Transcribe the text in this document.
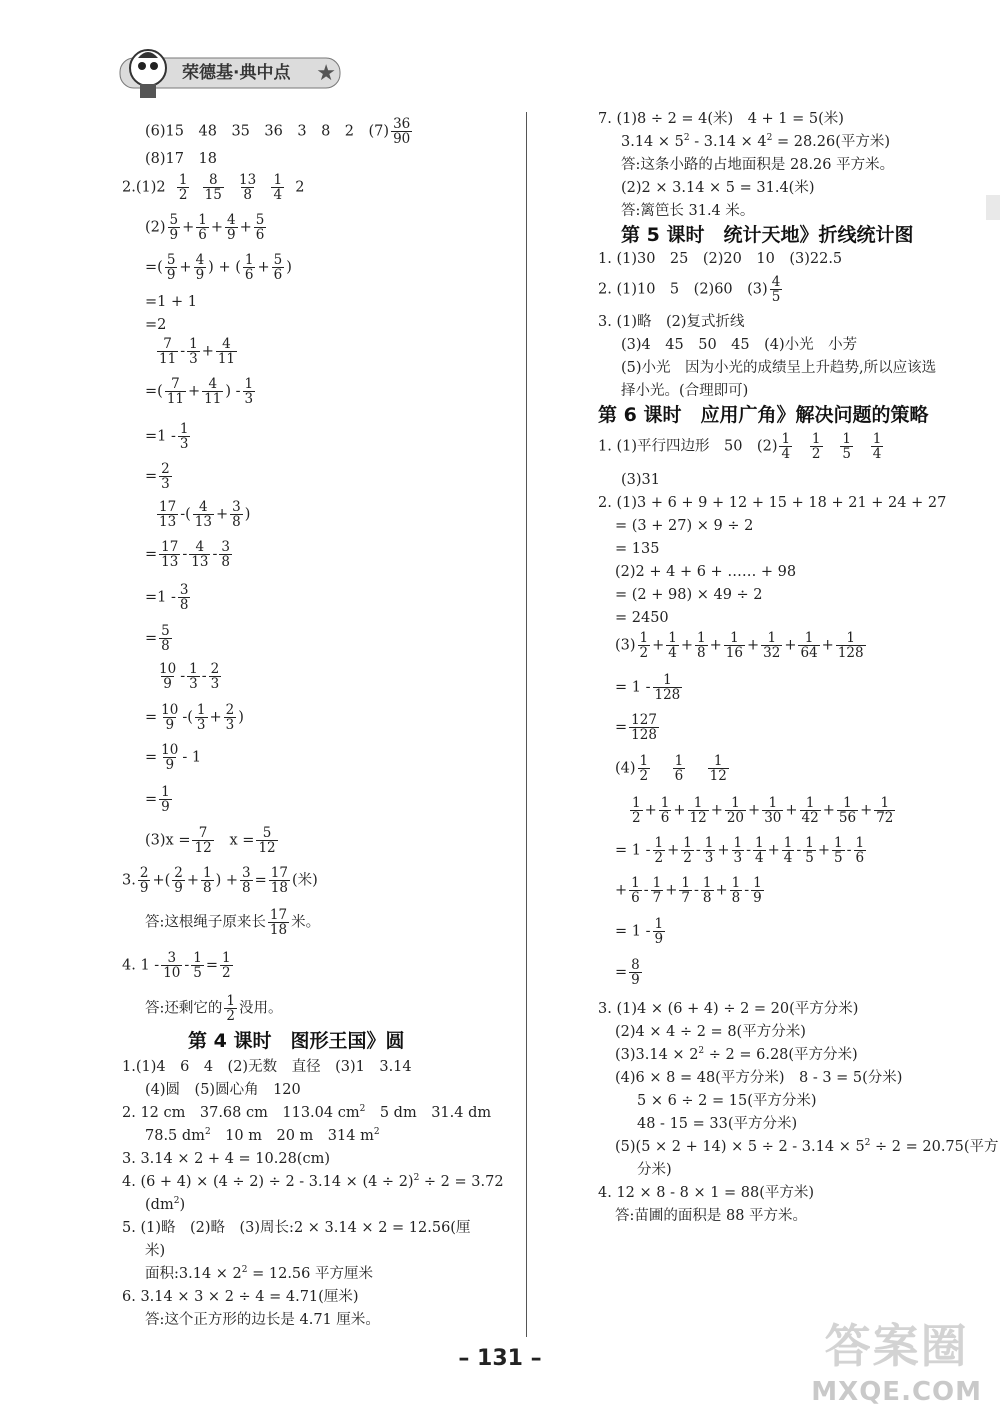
★
荣德基·典中点
(6)15　48　35　36　3　8　2　$(7) \frac{36}{90}$
(8)17　18
$2.(1)2 \frac{1}{2}$
$\frac{8}{15}$
$\frac{13}{8}$
$\frac{1}{4} 2$
$(2) \frac{5}{9} + \frac{1}{6} + \frac{4}{9} + \frac{5}{6}$
=( $\frac{5}{9} + \frac{4}{9}$ ) + ( $\frac{1}{6} + \frac{5}{6}$ )
=1 + 1
=2
$\frac{7}{11} - \frac{1}{3} + \frac{4}{11}$
=( $\frac{7}{11} + \frac{4}{11}$ ) - $\frac{1}{3}$
$=1 - \frac{1}{3}$
= $\frac{2}{3}$
$\frac{17}{13}$ -( $\frac{4}{13} + \frac{3}{8}$ )
= $\frac{17}{13} - \frac{4}{13} - \frac{3}{8}$
$=1 - \frac{3}{8}$
= $\frac{5}{8}$
$\frac{10}{9} - \frac{1}{3} - \frac{2}{3}$
= $\frac{10}{9}$ -( $\frac{1}{3} + \frac{2}{3}$ )
= $\frac{10}{9} - 1$
= $\frac{1}{9}$
$(3)x = \frac{7}{12}$ $x = \frac{5}{12}$
3. $\frac{2}{9}$ +( $\frac{2}{9} + \frac{1}{8}$ ) + $\frac{3}{8} = \frac{17}{18}$ (米)
答:这根绳子原来长 $\frac{17}{18}$ 米。
4. $1 - \frac{3}{10} - \frac{1}{5} = \frac{1}{2}$
答:还剩它的 $\frac{1}{2}$ 没用。
第 4 课时　图形王国》圆
1.(1)4　6　4　(2)无数　直径　(3)1　3.14
(4)圆　(5)圆心角　120
2. 12 cm　37.68 cm　113.04 $cm^2$　5 dm　31.4 dm
78.5 $dm^2$　10 m　20 m　314 $m^2$
3. 3.14 × 2 + 4 = 10.28(cm)
4. $(6 + 4) \times (4 \div 2) \div 2 - 3.14 \times (4 \div 2)^2 \div 2 = 3.72$
$(dm^2)$
5. (1)略　(2)略　(3)周长:2 × 3.14 × 2 = 12.56(厘
米)
面积:3.14 × $2^2 = 12.56$ 平方厘米
6. 3.14 × 3 × 2 ÷ 4 = 4.71(厘米)
答:这个正方形的边长是 4.71 厘米。
7. (1)8 ÷ 2 = 4(米)　4 + 1 = 5(米)
$3.14 \times 5^2 - 3.14 \times 4^2 = 28.26$(平方米)
答:这条小路的占地面积是 28.26 平方米。
(2)2 × 3.14 × 5 = 31.4(米)
答:篱笆长 31.4 米。
第 5 课时　统计天地》折线统计图
1. (1)30　25　(2)20　10　(3)22.5
2. (1)10　5　(2)60　$(3) \frac{4}{5}$
3. (1)略　(2)复式折线
(3)4　45　50　45　(4)小光　小芳
(5)小光　因为小光的成绩呈上升趋势,所以应该选
择小光。(合理即可)
第 6 课时　应用广角》解决问题的策略
1. (1)平行四边形　50　$(2) \frac{1}{4}$
$\frac{1}{2}$
$\frac{1}{5}$
$\frac{1}{4}$
(3)31
2. (1)3 + 6 + 9 + 12 + 15 + 18 + 21 + 24 + 27
= (3 + 27) × 9 ÷ 2
= 135
(2)2 + 4 + 6 + …… + 98
= (2 + 98) × 49 ÷ 2
= 2450
$(3) \frac{1}{2} + \frac{1}{4} + \frac{1}{8} + \frac{1}{16} + \frac{1}{32} + \frac{1}{64} + \frac{1}{128}$
= $1 - \frac{1}{128}$
= $\frac{127}{128}$
$(4) \frac{1}{2}$
$\frac{1}{6}$
$\frac{1}{12}$
$\frac{1}{2} + \frac{1}{6} + \frac{1}{12} + \frac{1}{20} + \frac{1}{30} + \frac{1}{42} + \frac{1}{56} + \frac{1}{72}$
= $1 - \frac{1}{2} + \frac{1}{2} - \frac{1}{3} + \frac{1}{3} - \frac{1}{4} + \frac{1}{4} - \frac{1}{5} + \frac{1}{5} - \frac{1}{6}$
+ $\frac{1}{6} - \frac{1}{7} + \frac{1}{7} - \frac{1}{8} + \frac{1}{8} - \frac{1}{9}$
= $1 - \frac{1}{9}$
= $\frac{8}{9}$
3. (1)4 × (6 + 4) ÷ 2 = 20(平方分米)
(2)4 × 4 ÷ 2 = 8(平方分米)
$(3)3.14 \times 2^2 \div 2 = 6.28$(平方分米)
(4)6 × 8 = 48(平方分米)　8 - 3 = 5(分米)
5 × 6 ÷ 2 = 15(平方分米)
48 - 15 = 33(平方分米)
$(5)(5 \times 2 + 14) \times 5 \div 2 - 3.14 \times 5^2 \div 2 = 20.75$(平方
分米)
4. 12 × 8 - 8 × 1 = 88(平方米)
答:苗圃的面积是 88 平方米。
– 131 –	答案圈
MXQE.COM
